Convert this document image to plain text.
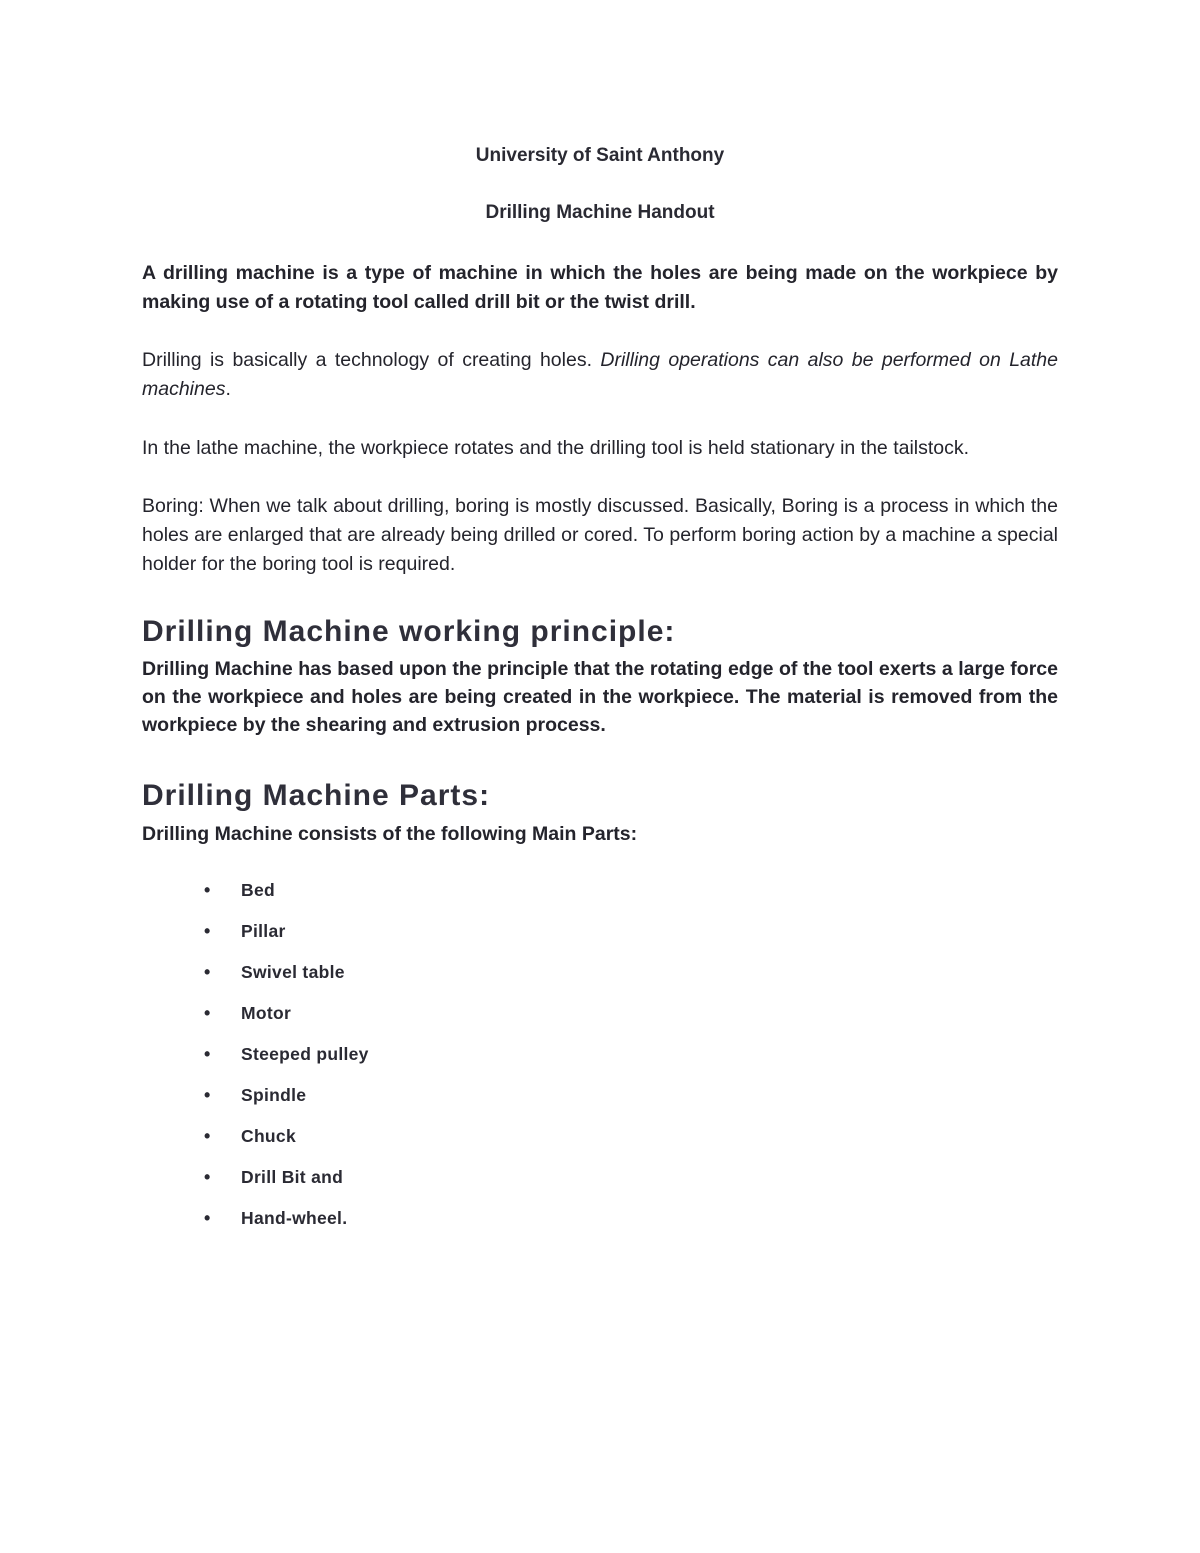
University of Saint Anthony
Drilling Machine Handout

A drilling machine is a type of machine in which the holes are being made on the workpiece by making use of a rotating tool called drill bit or the twist drill.

Drilling is basically a technology of creating holes. Drilling operations can also be performed on Lathe machines.

In the lathe machine, the workpiece rotates and the drilling tool is held stationary in the tailstock.

Boring: When we talk about drilling, boring is mostly discussed. Basically, Boring is a process in which the holes are enlarged that are already being drilled or cored. To perform boring action by a machine a special holder for the boring tool is required.

Drilling Machine working principle:

Drilling Machine has based upon the principle that the rotating edge of the tool exerts a large force on the workpiece and holes are being created in the workpiece. The material is removed from the workpiece by the shearing and extrusion process.

Drilling Machine Parts:

Drilling Machine consists of the following Main Parts:

• Bed
• Pillar
• Swivel table
• Motor
• Steeped pulley
• Spindle
• Chuck
• Drill Bit and
• Hand-wheel.
